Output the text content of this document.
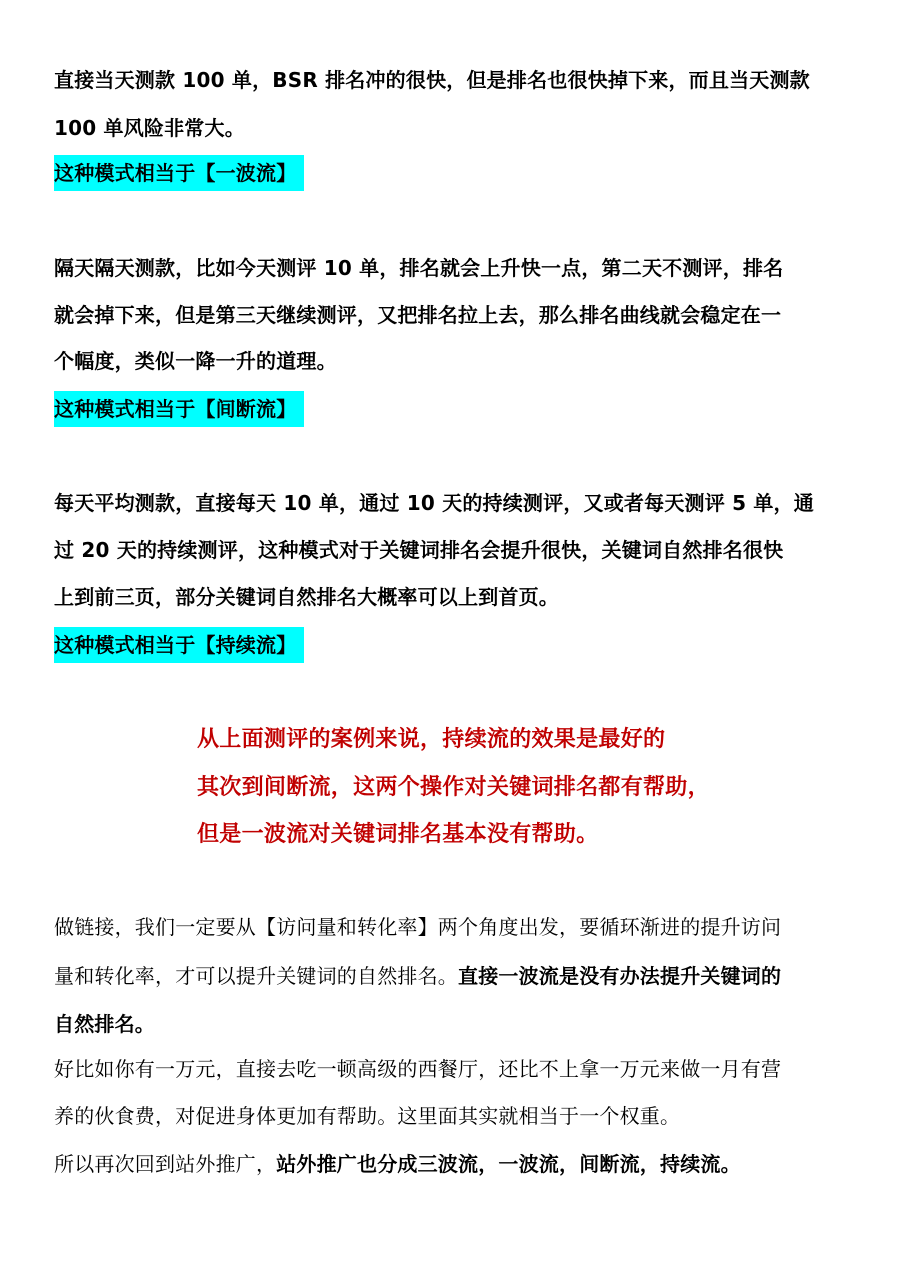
直接当天测款 100 单，BSR 排名冲的很快，但是排名也很快掉下来，而且当天测款
100 单风险非常大。
这种模式相当于【一波流】
隔天隔天测款，比如今天测评 10 单，排名就会上升快一点，第二天不测评，排名
就会掉下来，但是第三天继续测评，又把排名拉上去，那么排名曲线就会稳定在一
个幅度，类似一降一升的道理。
这种模式相当于【间断流】
每天平均测款，直接每天 10 单，通过 10 天的持续测评，又或者每天测评 5 单，通
过 20 天的持续测评，这种模式对于关键词排名会提升很快，关键词自然排名很快
上到前三页，部分关键词自然排名大概率可以上到首页。
这种模式相当于【持续流】
从上面测评的案例来说，持续流的效果是最好的
其次到间断流，这两个操作对关键词排名都有帮助，
但是一波流对关键词排名基本没有帮助。
做链接，我们一定要从【访问量和转化率】两个角度出发，要循环渐进的提升访问
量和转化率，才可以提升关键词的自然排名。直接一波流是没有办法提升关键词的
自然排名。
好比如你有一万元，直接去吃一顿高级的西餐厅，还比不上拿一万元来做一月有营
养的伙食费，对促进身体更加有帮助。这里面其实就相当于一个权重。
所以再次回到站外推广，站外推广也分成三波流，一波流，间断流，持续流。
